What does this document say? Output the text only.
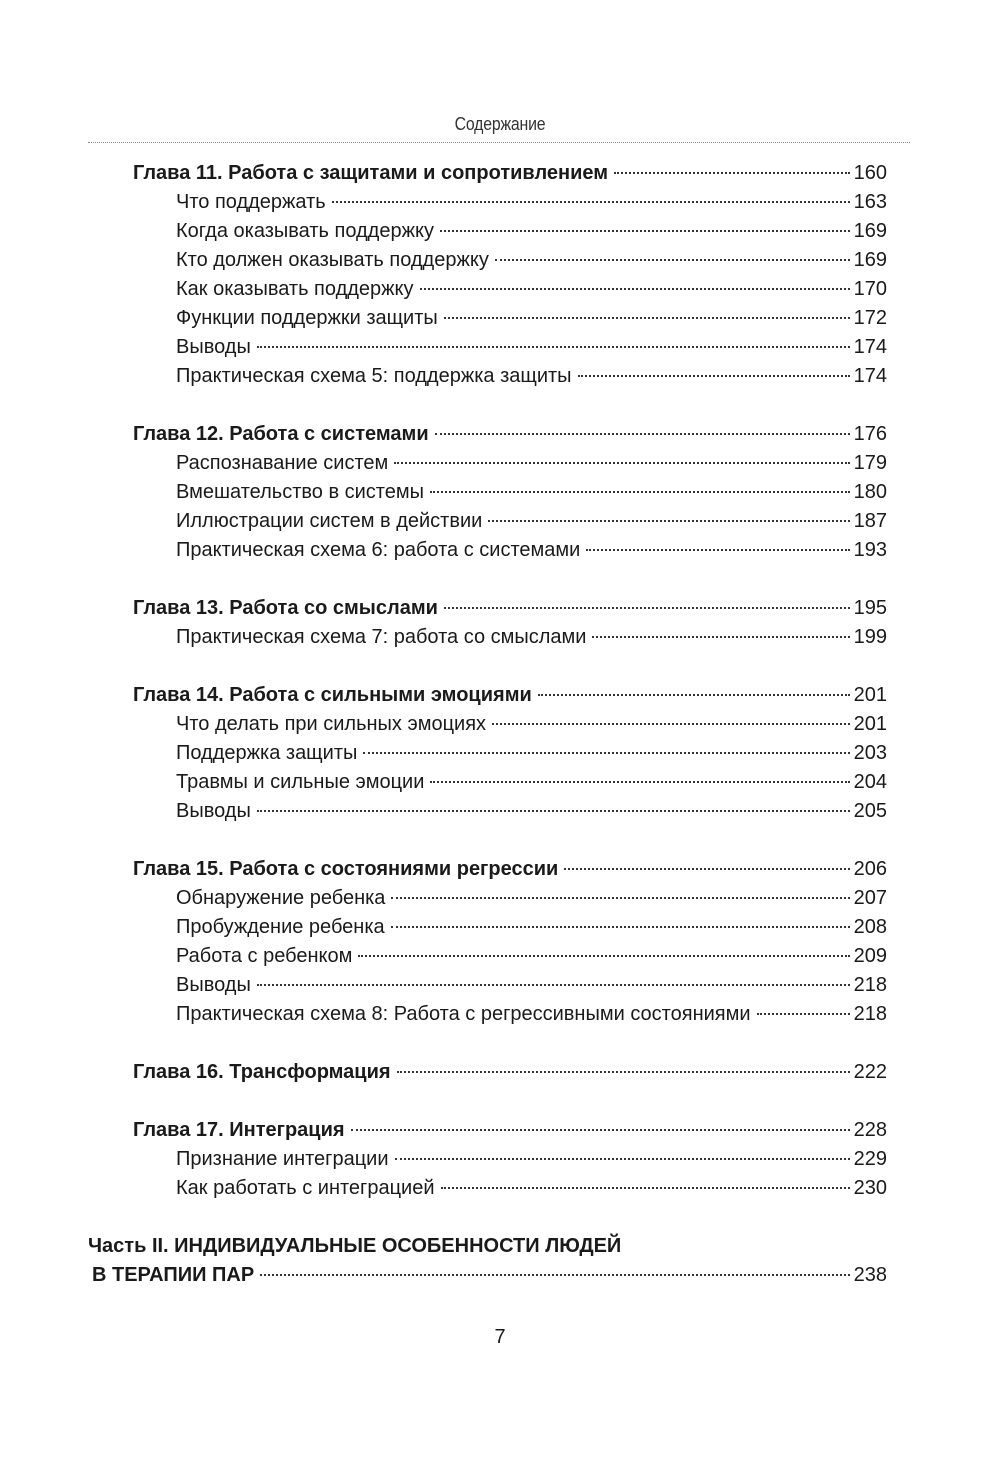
Содержание
Глава 11. Работа с защитами и сопротивлением	160
Что поддержать	163
Когда оказывать поддержку	169
Кто должен оказывать поддержку	169
Как оказывать поддержку	170
Функции поддержки защиты	172
Выводы	174
Практическая схема 5: поддержка защиты	174
Глава 12. Работа с системами	176
Распознавание систем	179
Вмешательство в системы	180
Иллюстрации систем в действии	187
Практическая схема 6: работа с системами	193
Глава 13. Работа со смыслами	195
Практическая схема 7: работа со смыслами	199
Глава 14. Работа с сильными эмоциями	201
Что делать при сильных эмоциях	201
Поддержка защиты	203
Травмы и сильные эмоции	204
Выводы	205
Глава 15. Работа с состояниями регрессии	206
Обнаружение ребенка	207
Пробуждение ребенка	208
Работа с ребенком	209
Выводы	218
Практическая схема 8: Работа с регрессивными состояниями	218
Глава 16. Трансформация	222
Глава 17. Интеграция	228
Признание интеграции	229
Как работать с интеграцией	230
Часть II. ИНДИВИДУАЛЬНЫЕ ОСОБЕННОСТИ ЛЮДЕЙ
В ТЕРАПИИ ПАР	238
7
